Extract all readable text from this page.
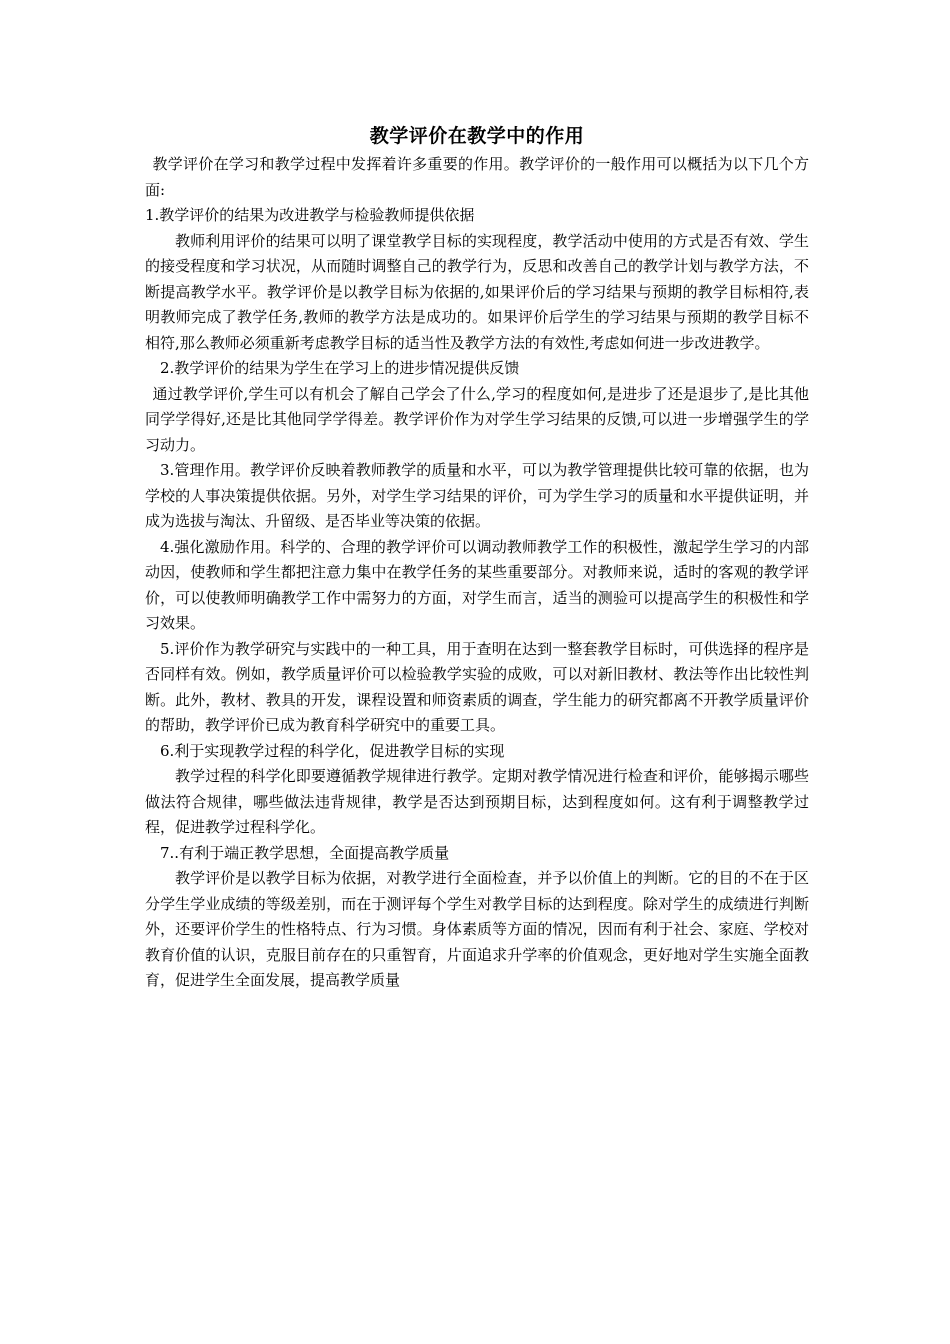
教学评价在教学中的作用

教学评价在学习和教学过程中发挥着许多重要的作用。教学评价的一般作用可以概括为以下几个方面:

1.教学评价的结果为改进教学与检验教师提供依据

教师利用评价的结果可以明了课堂教学目标的实现程度，教学活动中使用的方式是否有效、学生的接受程度和学习状况，从而随时调整自己的教学行为，反思和改善自己的教学计划与教学方法，不断提高教学水平。教学评价是以教学目标为依据的,如果评价后的学习结果与预期的教学目标相符,表明教师完成了教学任务,教师的教学方法是成功的。如果评价后学生的学习结果与预期的教学目标不相符,那么教师必须重新考虑教学目标的适当性及教学方法的有效性,考虑如何进一步改进教学。

2.教学评价的结果为学生在学习上的进步情况提供反馈

通过教学评价,学生可以有机会了解自己学会了什么,学习的程度如何,是进步了还是退步了,是比其他同学学得好,还是比其他同学学得差。教学评价作为对学生学习结果的反馈,可以进一步增强学生的学习动力。

3.管理作用。教学评价反映着教师教学的质量和水平，可以为教学管理提供比较可靠的依据，也为学校的人事决策提供依据。另外，对学生学习结果的评价，可为学生学习的质量和水平提供证明，并成为选拔与淘汰、升留级、是否毕业等决策的依据。

4.强化激励作用。科学的、合理的教学评价可以调动教师教学工作的积极性，激起学生学习的内部动因，使教师和学生都把注意力集中在教学任务的某些重要部分。对教师来说，适时的客观的教学评价，可以使教师明确教学工作中需努力的方面，对学生而言，适当的测验可以提高学生的积极性和学习效果。

5.评价作为教学研究与实践中的一种工具，用于查明在达到一整套教学目标时，可供选择的程序是否同样有效。例如，教学质量评价可以检验教学实验的成败，可以对新旧教材、教法等作出比较性判断。此外，教材、教具的开发，课程设置和师资素质的调查，学生能力的研究都离不开教学质量评价的帮助，教学评价已成为教育科学研究中的重要工具。

6.利于实现教学过程的科学化，促进教学目标的实现

教学过程的科学化即要遵循教学规律进行教学。定期对教学情况进行检查和评价，能够揭示哪些做法符合规律，哪些做法违背规律，教学是否达到预期目标，达到程度如何。这有利于调整教学过程，促进教学过程科学化。

7..有利于端正教学思想，全面提高教学质量

教学评价是以教学目标为依据，对教学进行全面检查，并予以价值上的判断。它的目的不在于区分学生学业成绩的等级差别，而在于测评每个学生对教学目标的达到程度。除对学生的成绩进行判断外，还要评价学生的性格特点、行为习惯。身体素质等方面的情况，因而有利于社会、家庭、学校对教育价值的认识，克服目前存在的只重智育，片面追求升学率的价值观念，更好地对学生实施全面教育，促进学生全面发展，提高教学质量
